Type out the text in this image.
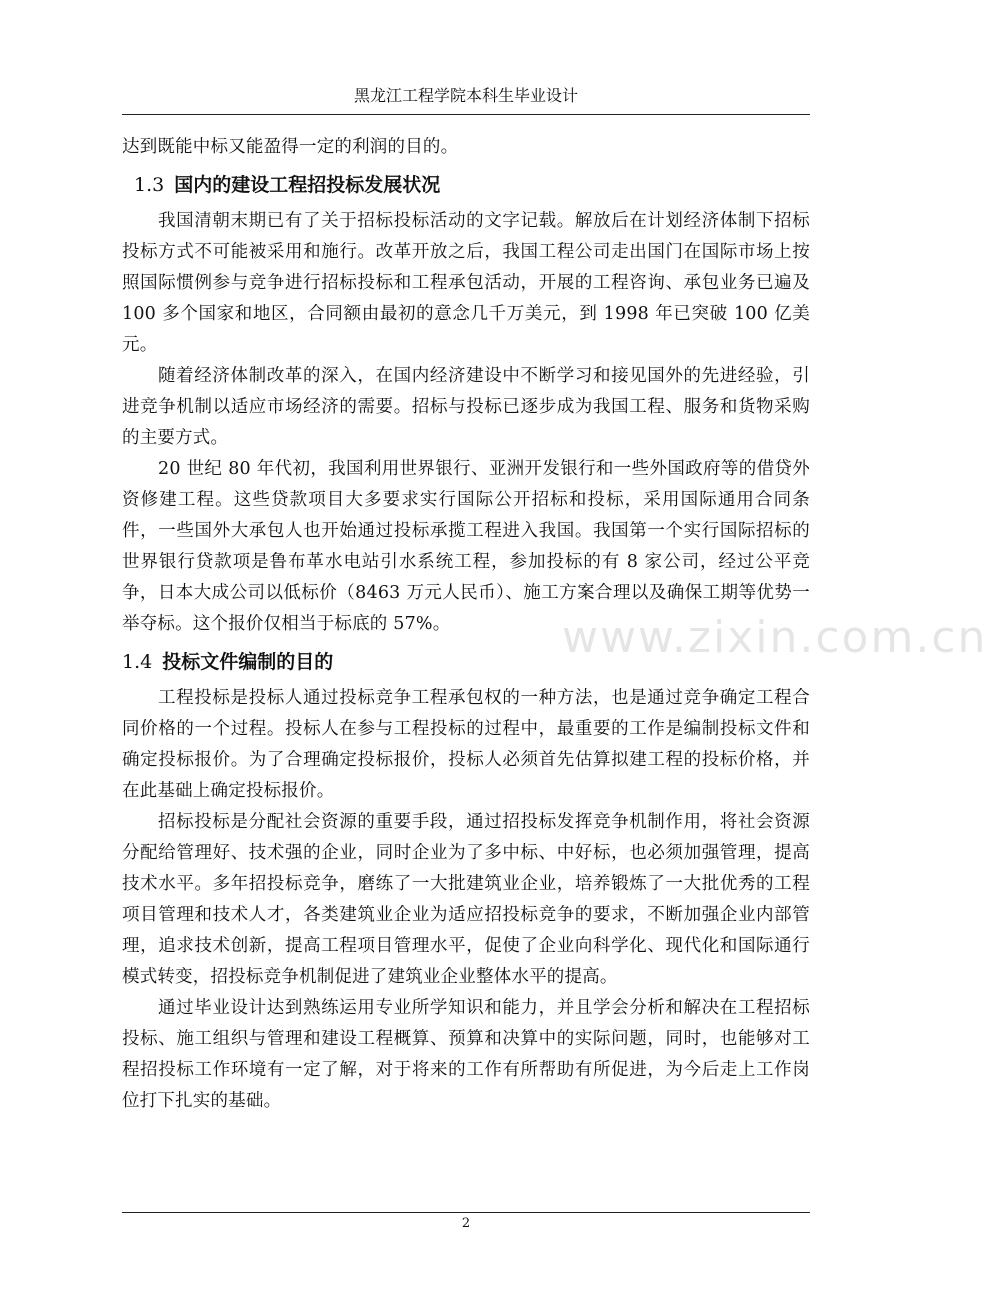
黑龙江工程学院本科生毕业设计

达到既能中标又能盈得一定的利润的目的。

1.3 国内的建设工程招投标发展状况

我国清朝末期已有了关于招标投标活动的文字记载。解放后在计划经济体制下招标投标方式不可能被采用和施行。改革开放之后，我国工程公司走出国门在国际市场上按照国际惯例参与竞争进行招标投标和工程承包活动，开展的工程咨询、承包业务已遍及 100 多个国家和地区，合同额由最初的意念几千万美元，到 1998 年已突破 100 亿美元。

随着经济体制改革的深入，在国内经济建设中不断学习和接见国外的先进经验，引进竞争机制以适应市场经济的需要。招标与投标已逐步成为我国工程、服务和货物采购的主要方式。

20 世纪 80 年代初，我国利用世界银行、亚洲开发银行和一些外国政府等的借贷外资修建工程。这些贷款项目大多要求实行国际公开招标和投标，采用国际通用合同条件，一些国外大承包人也开始通过投标承揽工程进入我国。我国第一个实行国际招标的世界银行贷款项是鲁布革水电站引水系统工程，参加投标的有 8 家公司，经过公平竞争，日本大成公司以低标价（8463 万元人民币）、施工方案合理以及确保工期等优势一举夺标。这个报价仅相当于标底的 57%。

1.4 投标文件编制的目的

工程投标是投标人通过投标竞争工程承包权的一种方法，也是通过竞争确定工程合同价格的一个过程。投标人在参与工程投标的过程中，最重要的工作是编制投标文件和确定投标报价。为了合理确定投标报价，投标人必须首先估算拟建工程的投标价格，并在此基础上确定投标报价。

招标投标是分配社会资源的重要手段，通过招投标发挥竞争机制作用，将社会资源分配给管理好、技术强的企业，同时企业为了多中标、中好标，也必须加强管理，提高技术水平。多年招投标竞争，磨练了一大批建筑业企业，培养锻炼了一大批优秀的工程项目管理和技术人才，各类建筑业企业为适应招投标竞争的要求，不断加强企业内部管理，追求技术创新，提高工程项目管理水平，促使了企业向科学化、现代化和国际通行模式转变，招投标竞争机制促进了建筑业企业整体水平的提高。

通过毕业设计达到熟练运用专业所学知识和能力，并且学会分析和解决在工程招标投标、施工组织与管理和建设工程概算、预算和决算中的实际问题，同时，也能够对工程招投标工作环境有一定了解，对于将来的工作有所帮助有所促进，为今后走上工作岗位打下扎实的基础。

www.zixin.com.cn
2
